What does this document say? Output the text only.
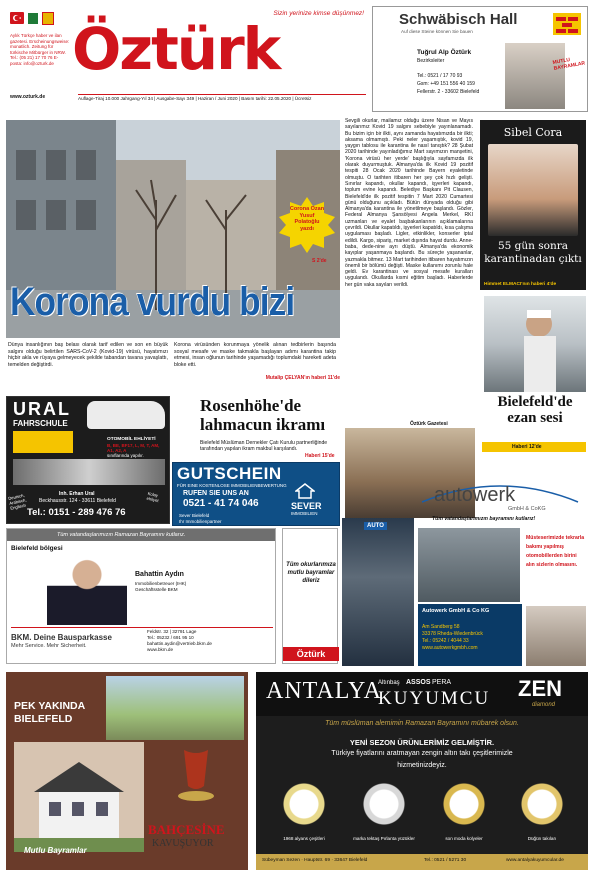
Aylık Türkçe haber ve ilan gazetesi. Erscheinungsweise: monatlich. Zeitung für türkische Mitbürger in NRW. Tel.: (05 21) 17 70 76 E-posta: info@ozturk.de Öztürk
Sizin yerinize kimse düşünmez!
www.ozturk.de	Auflage-Tiraj 10.000 Jahrgang-Yıl 34 | Ausgabe-Sayı 349 | Haziran / Juni 2020 | Basım tarihi: 22.05.2020 | Ücretsiz
Schwäbisch Hall
Auf diese Steine können Sie bauen
Tuğrul Alp Öztürk
Bezirksleiter
Tel.: 0521 / 17 70 93
Gsm: +49 151 556 40 159
Fellerstr. 2 - 33602 Bielefeld
MUTLU BAYRAMLAR
Corona Ozan Yusuf Polatoğlu yazdı
S 2'de
Korona vurdu bizi
Dünya insanlığının baş belası olarak tarif edilen ve son en büyük salgını olduğu belirtilen SARS-CoV-2 (Kovid-19) virüsü, hayatımızı hiçbir akla ve rüyaya gelmeyecek şekilde tabandan tavana yavaşlattı, temelden değiştirdi.
Korona virüsünden korunmaya yönelik alınan tedbirlerin başında sosyal mesafe ve maske takmakla başlayan adımı karantina takip etmesi, insan oğlunun tarihinde yaşamadığı toplumdaki hareketi adeta bloke etti.
Mutalip ÇELYAN'ın haberi 11'de
Sevgili okurlar, mailamız olduğu üzere Nisan ve Mayıs sayılarımız Kovid 19 salgını sebebiyle yayınlanamadı. Bu bizim için bir ilkti, aynı zamanda hayatımızda bir ilkti; aksama olmamıştı. Peki neler yaşamıştık, kovid 19, yaygın tablosu ile karantina ile nasıl tanıştık? 28 Şubat 2020 tarihinde yayınladığımız Mart sayımızın manşetini, 'Korona virüsü her yerde' başlığıyla sayfamızda ilk olarak duyurmuştuk. Almanya'da ilk Kovid 19 pozitif tespiti 28 Ocak 2020 tarihinde Bayern eyaletinde olmuştu. O tarihten itibaren her şey çok hızlı gelişti. Sınırlar kapandı, okullar kapandı, işyerleri kapandı, toplum evine kapandı. Belediye Başkanı Pit Clausen, Bielefeld'de ilk pozitif tespitin 7 Mart 2020 Cumartesi günü olduğunu açıkladı. Bütün dünyada olduğu gibi Almanya'da karantina ile yönetilmeye başlandı. Gözler, Federal Almanya Şansölyesi Angela Merkel, RKI uzmanları ve eyalet başbakanlarının açıklamalarına çevrildi. Okullar kapatıldı, işyerleri kapatıldı, kısa çalışma uygulaması başladı. Ligler, etkinlikler, konserler iptal edildi. Kargo, sipariş, market dışında hayat durdu. Anne-baba, dede-nine ayrı düştü. Almanya'da ekonomik kayıplar yaşanmaya başlandı. Bu süreçte yaşananlar, yazmakla bitmez. 13 Mart tarihinden itibaren hayatımızın önemli bir bölümü değişti. Maske kullanımı zorunlu hale geldi. Ev karantinası ve sosyal mesafe kuralları uygulandı. Okullarda kısmi eğitim başladı. Haberlerde her gün vaka sayıları verildi.
Öztürk Gazetesi
Sibel Cora
55 gün sonra karantinadan çıktı
Himmet ELMACI'nın haberi 4'de
Bielefeld'de ezan sesi
Haberi 12'de
URAL
FAHRSCHULE
OTOMOBİL EHLİYETİ
B, BE, BF17, L, M, T, AM, A1, A2, A
sınıflarında yapılır.
Deutsch, Arabisch, Englisch
Inh. Erhan Ural
Beckhausstr. 124 - 33611 Bielefeld
Kolay ehliyet
Tel.: 0151 - 289 476 76
Rosenhöhe'de lahmacun ikramı
Bielefeld Müslüman Dernekler Çatı Kurulu partnerliğinde tarafından yapılan ikram makbul karşılandı.
Haberi 15'de
GUTSCHEIN
FÜR EINE KOSTENLOSE IMMOBILIENBEWERTUNG
RUFEN SIE UNS AN
0521 - 41 74 046
Sever Bielefeld
Ihr Immobilienpartner
SEVER
IMMOBILIEN
AUTO
autowerk
GmbH & CoKG
Tüm vatandaşlarımızın bayramını kutlarız!
Müsteserimizde tekrarla bakımı yapılmış otomobillerden birini alın sizlerin olmasını.
Autowerk GmbH & Co KG
Am Sandberg 58
33378 Rheda-Wiedenbrück
Tel.: 05242 / 4044 33
www.autowerkgmbh.com
Tüm vatandaşlarımızın Ramazan Bayramını kutlarız.
Bielefeld bölgesi
Bahattin Aydın
Immobilienbetreuer (IHK)
Geschäftsstelle BKM
BKM. Deine Bausparkasse
Mehr Service. Mehr Sicherheit.
Feldstr. 32 | 32791 Lage
Tel.: 05232 / 691 95 10
bahattin.aydin@vertrieb.bkm.de
www.bkm.de
Tüm okurlarımıza mutlu bayramlar dileriz
Öztürk
PEK YAKINDA BIELEFELD
Mutlu Bayramlar
BAHÇESİNE
KAVUŞUYOR
ANTALYA
Altınbaş ASSOS PERA
KUYUMCU ZEN
diamond
Tüm müslüman alemimin Ramazan Bayramını mübarek olsun.
YENİ SEZON ÜRÜNLERİMİZ GELMİŞTİR.
Türkiye fiyatlarını aratmayan zengin altın takı çeşitlerimizle
hizmetinizdeyiz.
1968 alyans çeşitleri	marka tektaş Pırlanta yüzükler	son moda kolyeler	Düğün takıları
Sübeyman Sezen · Hauptstr. 69 · 33647 Bielefeld	Tel.: 0521 / 5271 30	www.antalyakuyumcular.de
